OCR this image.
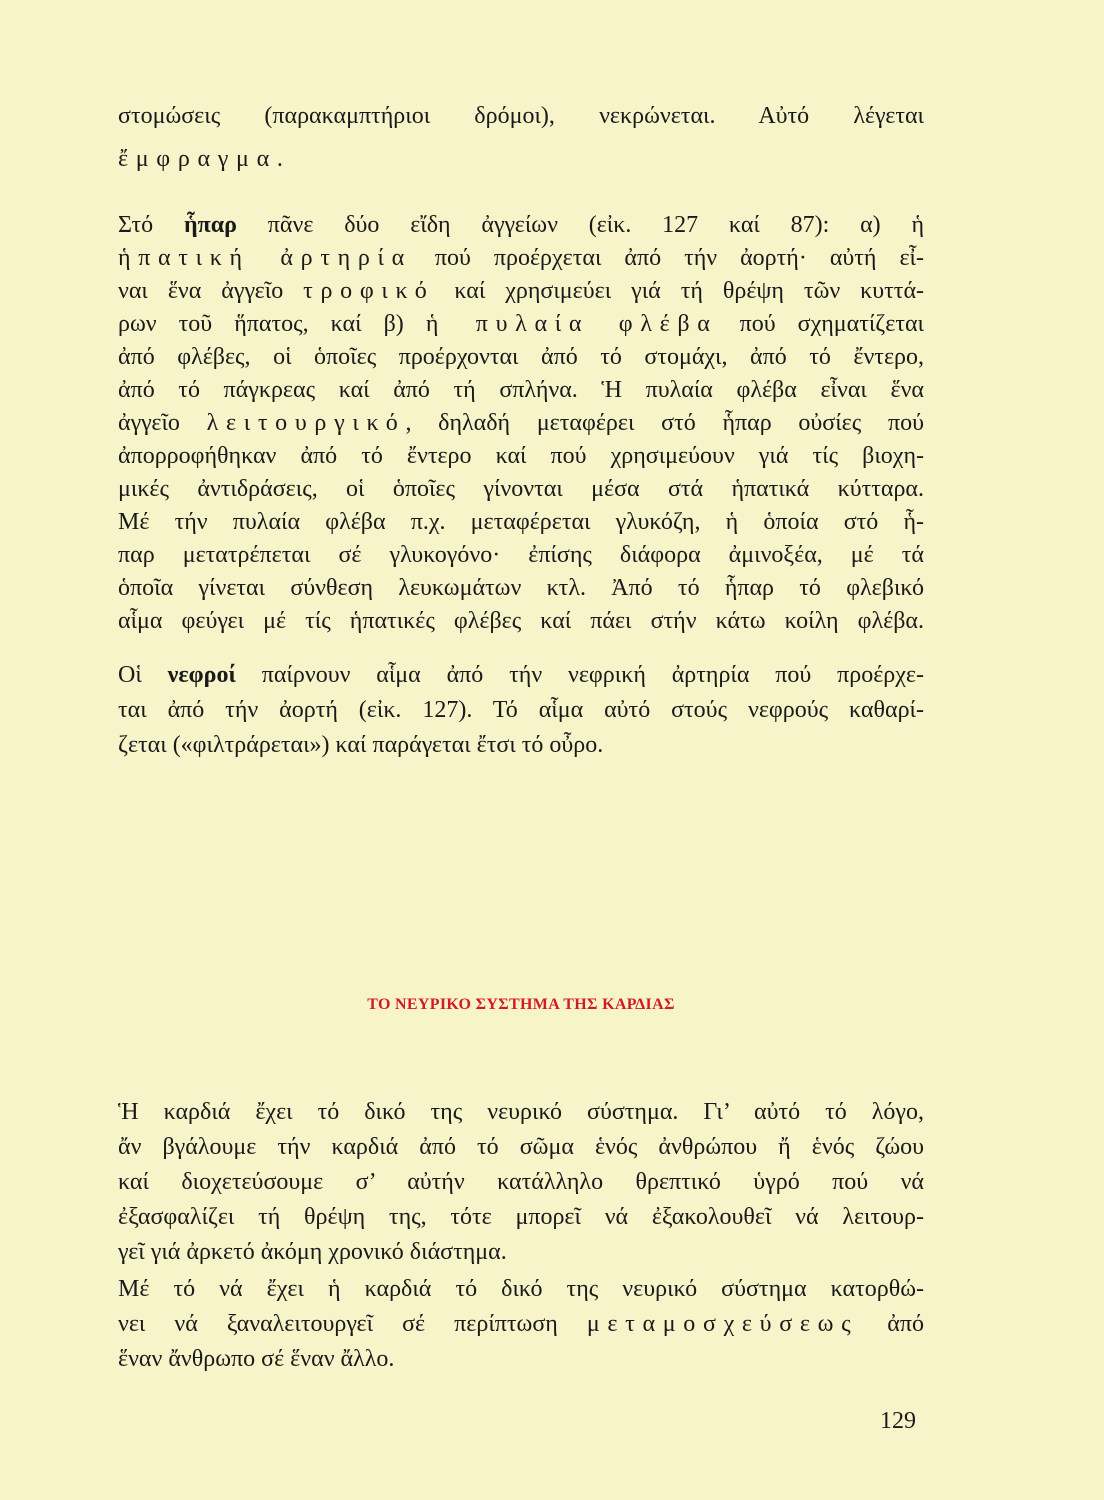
στομώσεις (παρακαμπτήριοι δρόμοι), νεκρώνεται. Αὐτό λέγεται
ἔμφραγμα.
Στό ἧπαρ πᾶνε δύο εἴδη ἀγγείων (εἰκ. 127 καί 87): α) ἡ
ἡπατική ἀρτηρία πού προέρχεται ἀπό τήν ἀορτή· αὐτή εἶ-
ναι ἕνα ἀγγεῖο τροφικό καί χρησιμεύει γιά τή θρέψη τῶν κυττά-
ρων τοῦ ἥπατος, καί β) ἡ πυλαία φλέβα πού σχηματίζεται
ἀπό φλέβες, οἱ ὁποῖες προέρχονται ἀπό τό στομάχι, ἀπό τό ἔντερο,
ἀπό τό πάγκρεας καί ἀπό τή σπλήνα. Ἡ πυλαία φλέβα εἶναι ἕνα
ἀγγεῖο λειτουργικό, δηλαδή μεταφέρει στό ἧπαρ οὐσίες πού
ἀπορροφήθηκαν ἀπό τό ἔντερο καί πού χρησιμεύουν γιά τίς βιοχη-
μικές ἀντιδράσεις, οἱ ὁποῖες γίνονται μέσα στά ἡπατικά κύτταρα.
Μέ τήν πυλαία φλέβα π.χ. μεταφέρεται γλυκόζη, ἡ ὁποία στό ἧ-
παρ μετατρέπεται σέ γλυκογόνο· ἐπίσης διάφορα ἀμινοξέα, μέ τά
ὁποῖα γίνεται σύνθεση λευκωμάτων κτλ. Ἀπό τό ἧπαρ τό φλεβικό
αἷμα φεύγει μέ τίς ἡπατικές φλέβες καί πάει στήν κάτω κοίλη φλέβα.
Οἱ νεφροί παίρνουν αἷμα ἀπό τήν νεφρική ἀρτηρία πού προέρχε-
ται ἀπό τήν ἀορτή (εἰκ. 127). Τό αἷμα αὐτό στούς νεφρούς καθαρί-
ζεται («φιλτράρεται») καί παράγεται ἔτσι τό οὖρο.
ΤΟ ΝΕΥΡΙΚΟ ΣΥΣΤΗΜΑ ΤΗΣ ΚΑΡΔΙΑΣ
Ἡ καρδιά ἔχει τό δικό της νευρικό σύστημα. Γι’ αὐτό τό λόγο,
ἄν βγάλουμε τήν καρδιά ἀπό τό σῶμα ἑνός ἀνθρώπου ἤ ἑνός ζώου
καί διοχετεύσουμε σ’ αὐτήν κατάλληλο θρεπτικό ὑγρό πού νά
ἐξασφαλίζει τή θρέψη της, τότε μπορεῖ νά ἐξακολουθεῖ νά λειτουρ-
γεῖ γιά ἀρκετό ἀκόμη χρονικό διάστημα.
Μέ τό νά ἔχει ἡ καρδιά τό δικό της νευρικό σύστημα κατορθώ-
νει νά ξαναλειτουργεῖ σέ περίπτωση μεταμοσχεύσεως ἀπό
ἕναν ἄνθρωπο σέ ἕναν ἄλλο.
129
